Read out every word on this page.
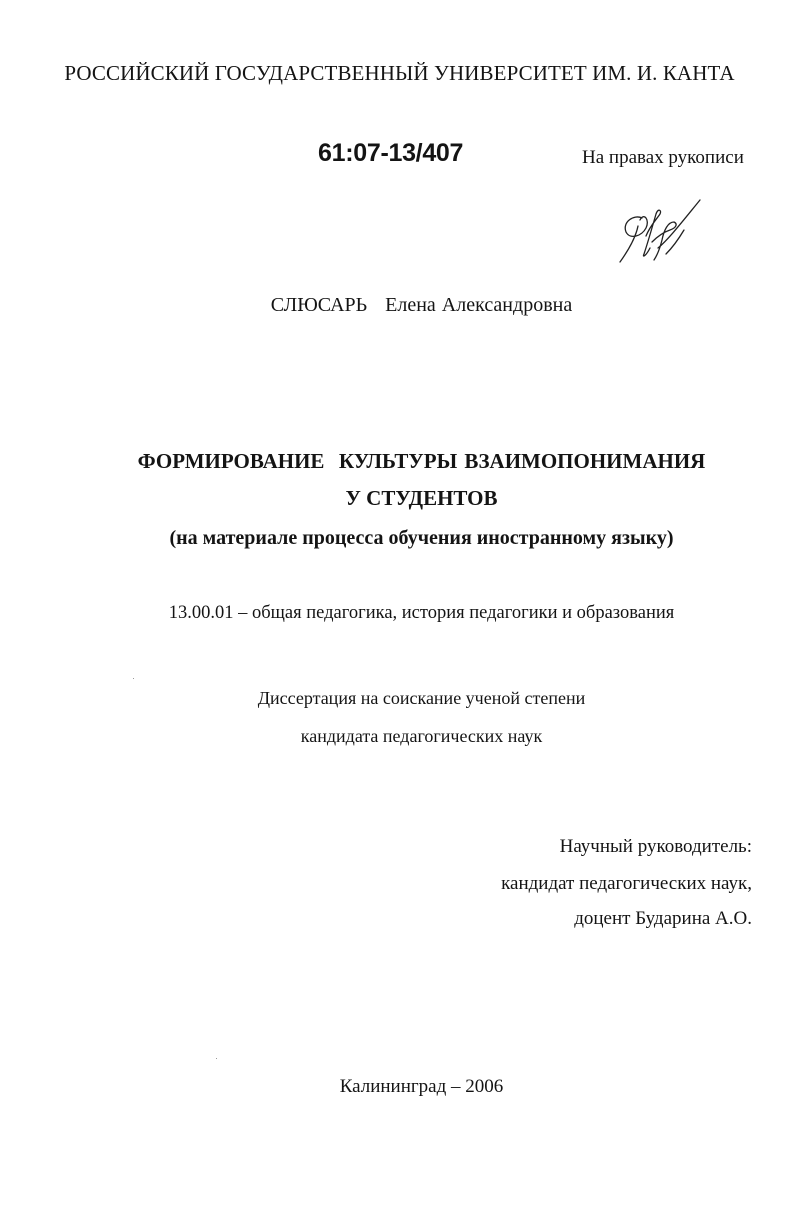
РОССИЙСКИЙ ГОСУДАРСТВЕННЫЙ УНИВЕРСИТЕТ ИМ. И. КАНТА
61:07-13/407	На правах рукописи
СЛЮСАРЬ   Елена Александровна
ФОРМИРОВАНИЕ  КУЛЬТУРЫ ВЗАИМОПОНИМАНИЯ
У СТУДЕНТОВ
(на материале процесса обучения иностранному языку)
13.00.01 – общая педагогика, история педагогики и образования
Диссертация на соискание ученой степени
кандидата педагогических наук
Научный руководитель:
кандидат педагогических наук,
доцент Бударина А.О.
Калининград – 2006
